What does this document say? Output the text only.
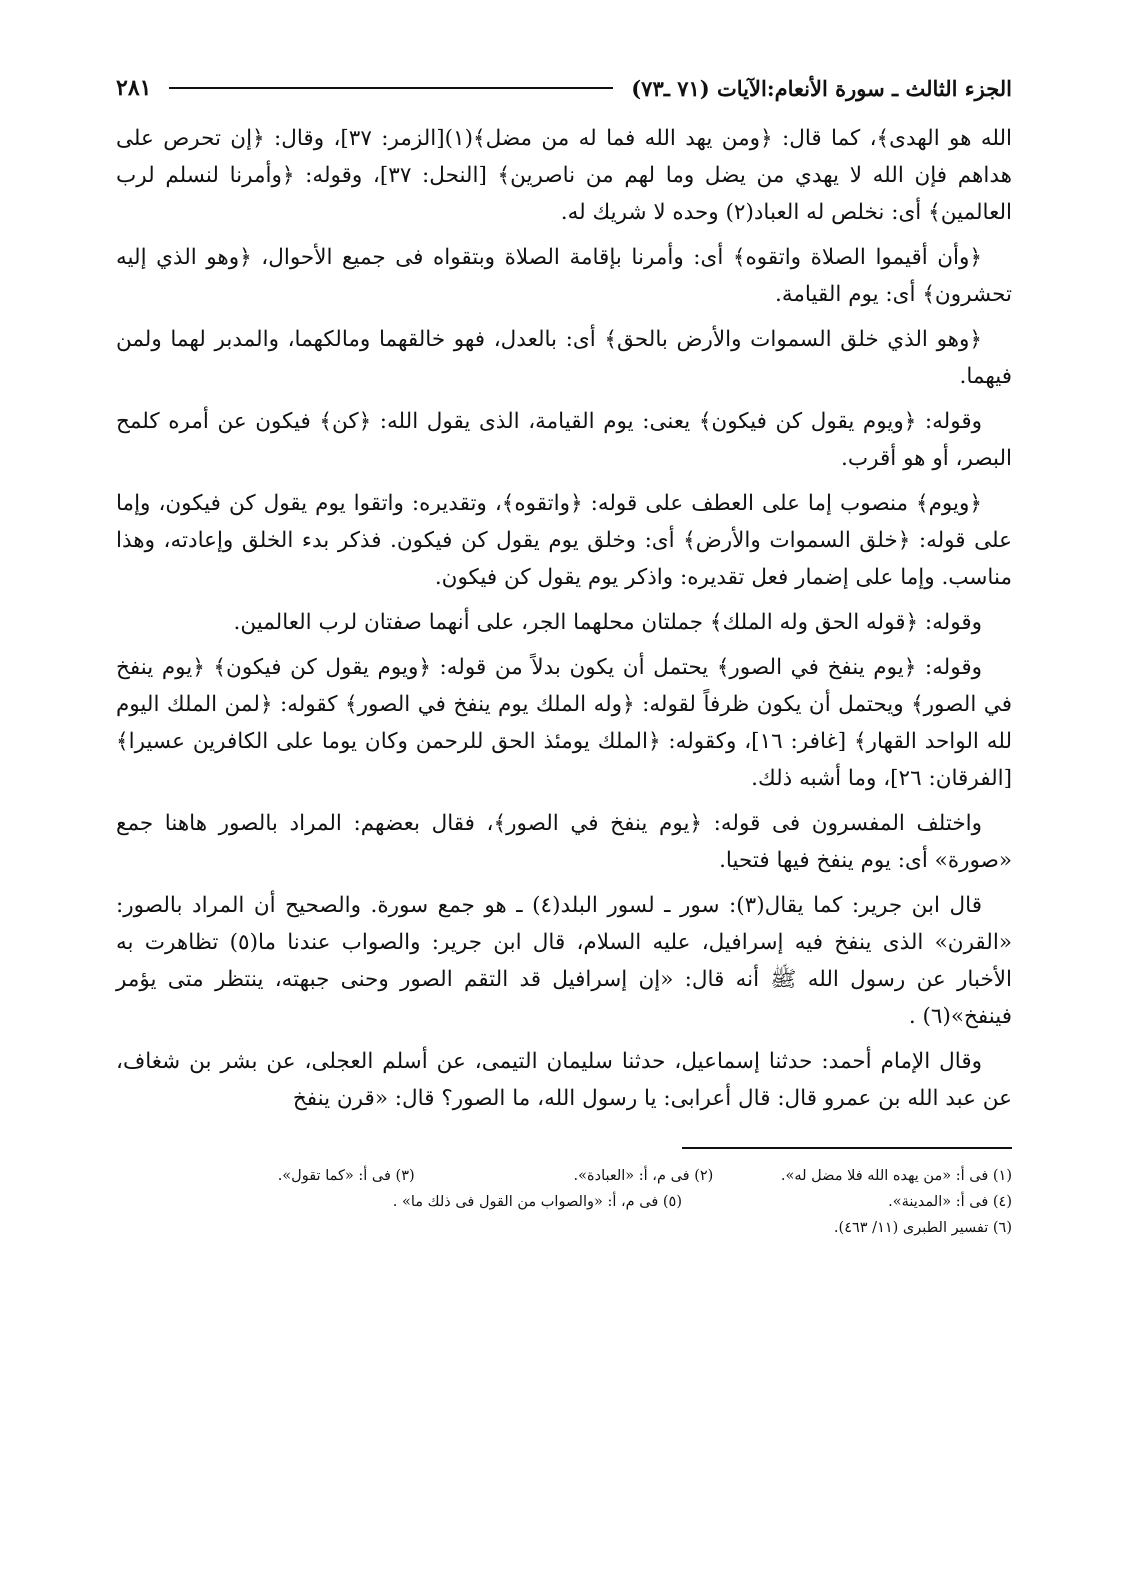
الجزء الثالث ـ سورة الأنعام:الآيات (٧١ ـ٧٣)
٢٨١

الله هو الهدى﴾، كما قال: ﴿ومن يهد الله فما له من مضل﴾(١)[الزمر: ٣٧]، وقال: ﴿إن تحرص على هداهم فإن الله لا يهدي من يضل وما لهم من ناصرين﴾ [النحل: ٣٧]، وقوله: ﴿وأمرنا لنسلم لرب العالمين﴾ أى: نخلص له العباد(٢) وحده لا شريك له.

﴿وأن أقيموا الصلاة واتقوه﴾ أى: وأمرنا بإقامة الصلاة وبتقواه فى جميع الأحوال، ﴿وهو الذي إليه تحشرون﴾ أى: يوم القيامة.

﴿وهو الذي خلق السموات والأرض بالحق﴾ أى: بالعدل، فهو خالقهما ومالكهما، والمدبر لهما ولمن فيهما.

وقوله: ﴿ويوم يقول كن فيكون﴾ يعنى: يوم القيامة، الذى يقول الله: ﴿كن﴾ فيكون عن أمره كلمح البصر، أو هو أقرب.

﴿ويوم﴾ منصوب إما على العطف على قوله: ﴿واتقوه﴾، وتقديره: واتقوا يوم يقول كن فيكون، وإما على قوله: ﴿خلق السموات والأرض﴾ أى: وخلق يوم يقول كن فيكون. فذكر بدء الخلق وإعادته، وهذا مناسب. وإما على إضمار فعل تقديره: واذكر يوم يقول كن فيكون.

وقوله: ﴿قوله الحق وله الملك﴾ جملتان محلهما الجر، على أنهما صفتان لرب العالمين.

وقوله: ﴿يوم ينفخ في الصور﴾ يحتمل أن يكون بدلاً من قوله: ﴿ويوم يقول كن فيكون﴾ ﴿يوم ينفخ في الصور﴾ ويحتمل أن يكون ظرفاً لقوله: ﴿وله الملك يوم ينفخ في الصور﴾ كقوله: ﴿لمن الملك اليوم لله الواحد القهار﴾ [غافر: ١٦]، وكقوله: ﴿الملك يومئذ الحق للرحمن وكان يوما على الكافرين عسيرا﴾ [الفرقان: ٢٦]، وما أشبه ذلك.

واختلف المفسرون فى قوله: ﴿يوم ينفخ في الصور﴾، فقال بعضهم: المراد بالصور هاهنا جمع «صورة» أى: يوم ينفخ فيها فتحيا.

قال ابن جرير: كما يقال(٣): سور ـ لسور البلد(٤) ـ هو جمع سورة. والصحيح أن المراد بالصور: «القرن» الذى ينفخ فيه إسرافيل، عليه السلام، قال ابن جرير: والصواب عندنا ما(٥) تظاهرت به الأخبار عن رسول الله ﷺ أنه قال: «إن إسرافيل قد التقم الصور وحنى جبهته، ينتظر متى يؤمر فينفخ»(٦) .

وقال الإمام أحمد: حدثنا إسماعيل، حدثنا سليمان التيمى، عن أسلم العجلى، عن بشر بن شغاف، عن عبد الله بن عمرو قال: قال أعرابى: يا رسول الله، ما الصور؟ قال: «قرن ينفخ

(١) فى أ: «من يهده الله فلا مضل له».
(٢) فى م، أ: «العبادة».
(٣) فى أ: «كما تقول».
(٤) فى أ: «المدينة».
(٥) فى م، أ: «والصواب من القول فى ذلك ما» .
(٦) تفسير الطبرى (١١/ ٤٦٣).
